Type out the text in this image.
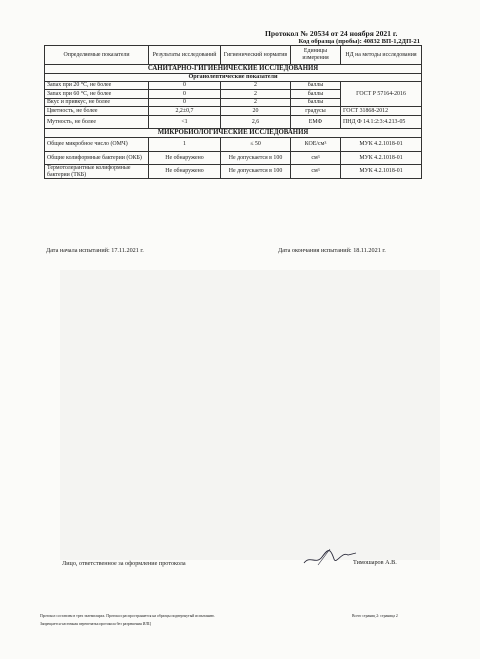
Протокол № 20534 от 24 ноября 2021 г.
Код образца (пробы): 40832 ВП-1,2ДП-21
Определяемые показатели	Результаты исследований	Гигиенический норматив	Единицы измерения	НД на методы исследования
САНИТАРНО-ГИГИЕНИЧЕСКИЕ ИССЛЕДОВАНИЯ				
Органолептические показатели				
Запах при 20 °С, не более	0	2	баллы	ГОСТ Р 57164-2016
Запах при 60 °С, не более	0	2	баллы	
Вкус и привкус, не более	0	2	баллы	
Цветность, не более	2,2±0,7	20	градусы	ГОСТ 31868-2012
Мутность, не более	<1	2,6	ЕМФ	ПНД Ф 14.1:2:3:4.213-05
МИКРОБИОЛОГИЧЕСКИЕ ИССЛЕДОВАНИЯ				
Общее микробное число (ОМЧ)	1	≤ 50	КОЕ/$см^3$	МУК 4.2.1018-01
Общие колиформные бактерии (ОКБ)	Не обнаружено	Не допускается в 100	$см^3$	МУК 4.2.1018-01
Термотолерантные колиформные бактерии (ТКБ)	Не обнаружено	Не допускается в 100	$см^3$	МУК 4.2.1018-01
Дата начала испытаний: 17.11.2021 г.	Дата окончания испытаний: 18.11.2021 г.
Лицо, ответственное за оформление протокола	Тимошаров А.В.
Протокол составлен в трех экземплярах. Протокол распространяется на образцы подвергнутый испытанию.	Всего страниц 2: страница 2
Запрещается частичная перепечатка протокола без разрешения ИЛЦ
